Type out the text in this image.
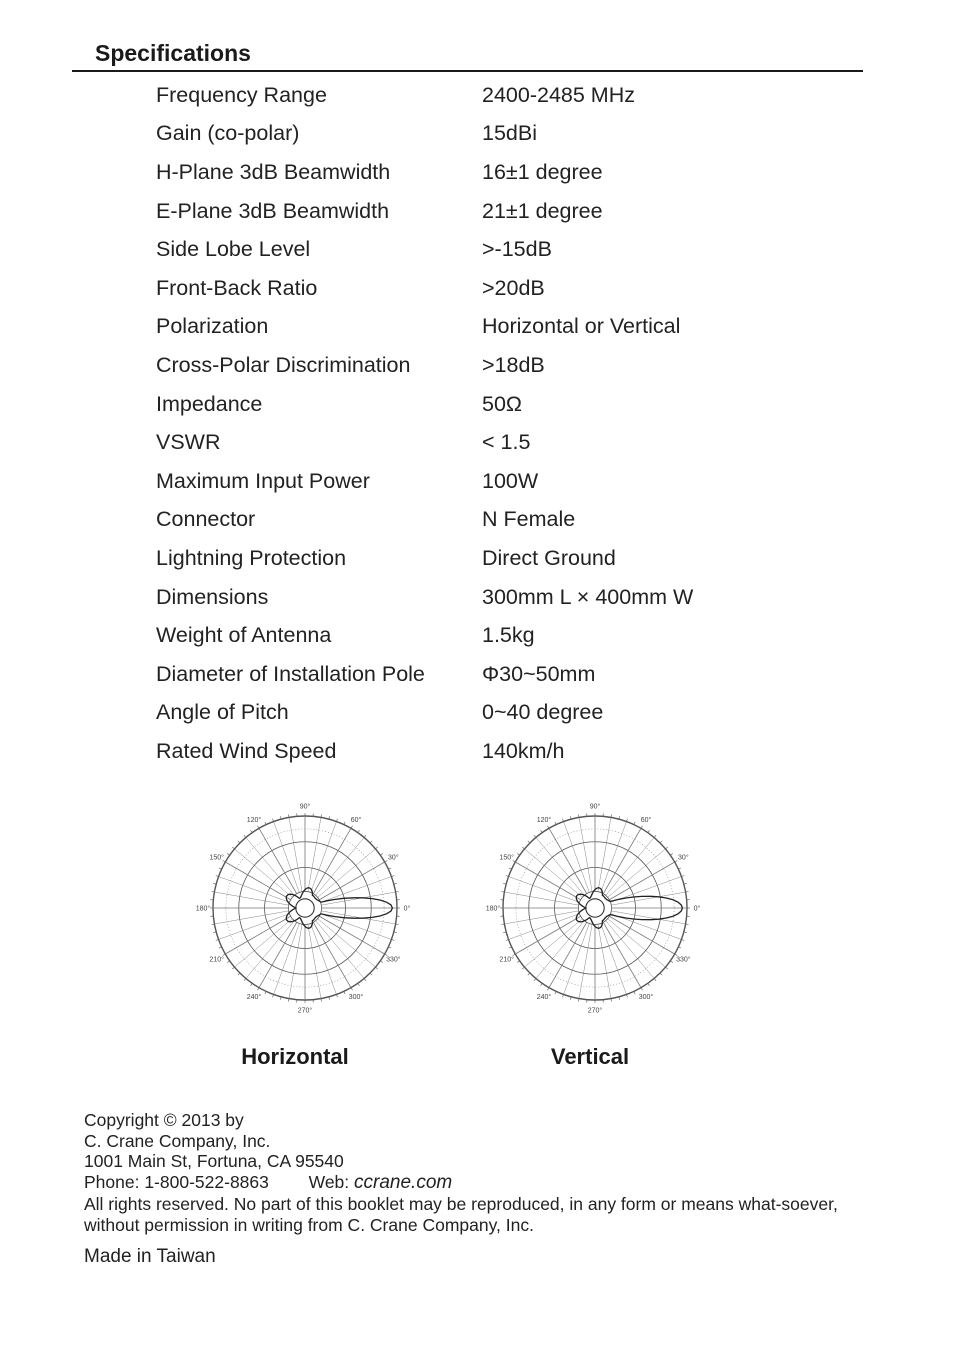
Specifications
Frequency Range	2400-2485 MHz
Gain (co-polar)	15dBi
H-Plane 3dB Beamwidth	16±1 degree
E-Plane 3dB Beamwidth	21±1 degree
Side Lobe Level	>-15dB
Front-Back Ratio	>20dB
Polarization	Horizontal or Vertical
Cross-Polar Discrimination	>18dB
Impedance	50Ω
VSWR	< 1.5
Maximum Input Power	100W
Connector	N Female
Lightning Protection	Direct Ground
Dimensions	300mm L × 400mm W
Weight of Antenna	1.5kg
Diameter of Installation Pole	Φ30~50mm
Angle of Pitch	0~40 degree
Rated Wind Speed	140km/h
0°
30°
60°
90°
120°
150°
180°
210°
240°
270°
300°
330°
0°
30°
60°
90°
120°
150°
180°
210°
240°
270°
300°
330°
Horizontal	Vertical
Copyright © 2013 by
C. Crane Company, Inc.
1001 Main St, Fortuna, CA 95540
Phone: 1-800-522-8863 Web: ccrane.com
All rights reserved. No part of this booklet may be reproduced, in any form or means what-soever, without permission in writing from C. Crane Company, Inc.
Made in Taiwan
